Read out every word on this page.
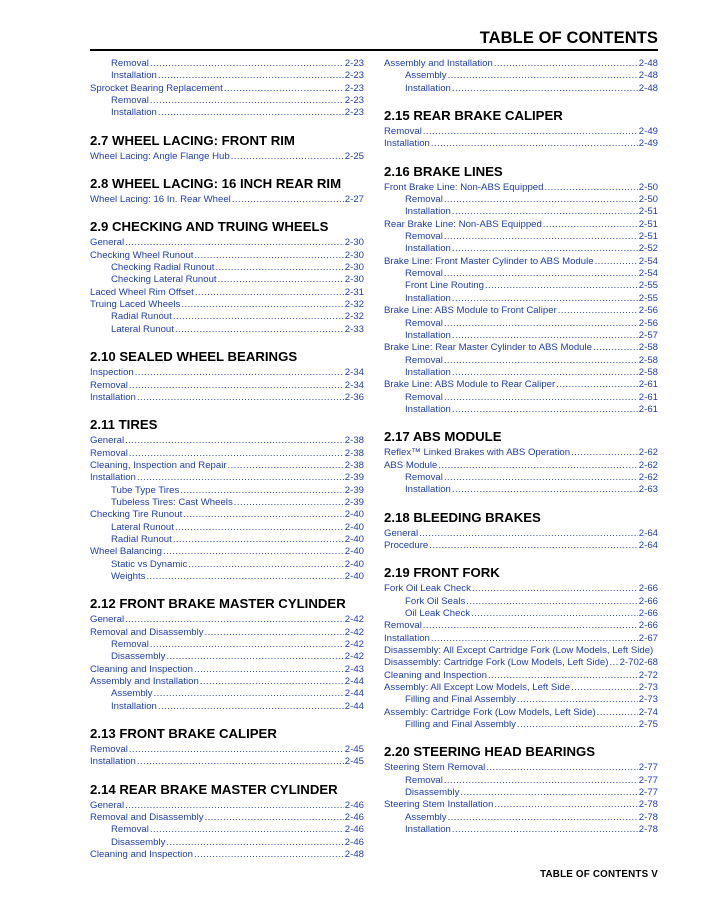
TABLE OF CONTENTS
Removal .....	2-23
Installation .....	2-23
Sprocket Bearing Replacement .....	2-23
Removal .....	2-23
Installation .....	2-23
2.7 WHEEL LACING: FRONT RIM
Wheel Lacing: Angle Flange Hub .....	2-25
2.8 WHEEL LACING: 16 INCH REAR RIM
Wheel Lacing: 16 In. Rear Wheel .....	2-27
2.9 CHECKING AND TRUING WHEELS
General .....	2-30
Checking Wheel Runout .....	2-30
Checking Radial Runout .....	2-30
Checking Lateral Runout .....	2-30
Laced Wheel Rim Offset .....	2-31
Truing Laced Wheels .....	2-32
Radial Runout .....	2-32
Lateral Runout .....	2-33
2.10 SEALED WHEEL BEARINGS
Inspection .....	2-34
Removal .....	2-34
Installation .....	2-36
2.11 TIRES
General .....	2-38
Removal .....	2-38
Cleaning, Inspection and Repair .....	2-38
Installation .....	2-39
Tube Type Tires .....	2-39
Tubeless Tires: Cast Wheels .....	2-39
Checking Tire Runout .....	2-40
Lateral Runout .....	2-40
Radial Runout .....	2-40
Wheel Balancing .....	2-40
Static vs Dynamic .....	2-40
Weights .....	2-40
2.12 FRONT BRAKE MASTER CYLINDER
General .....	2-42
Removal and Disassembly .....	2-42
Removal .....	2-42
Disassembly .....	2-42
Cleaning and Inspection .....	2-43
Assembly and Installation .....	2-44
Assembly .....	2-44
Installation .....	2-44
2.13 FRONT BRAKE CALIPER
Removal .....	2-45
Installation .....	2-45
2.14 REAR BRAKE MASTER CYLINDER
General .....	2-46
Removal and Disassembly .....	2-46
Removal .....	2-46
Disassembly .....	2-46
Cleaning and Inspection .....	2-48
Assembly and Installation .....	2-48
Assembly .....	2-48
Installation .....	2-48
2.15 REAR BRAKE CALIPER
Removal .....	2-49
Installation .....	2-49
2.16 BRAKE LINES
Front Brake Line: Non-ABS Equipped .....	2-50
Removal .....	2-50
Installation .....	2-51
Rear Brake Line: Non-ABS Equipped .....	2-51
Removal .....	2-51
Installation .....	2-52
Brake Line: Front Master Cylinder to ABS Module .....	2-54
Removal .....	2-54
Front Line Routing .....	2-55
Installation .....	2-55
Brake Line: ABS Module to Front Caliper .....	2-56
Removal .....	2-56
Installation .....	2-57
Brake Line: Rear Master Cylinder to ABS Module .....	2-58
Removal .....	2-58
Installation .....	2-58
Brake Line: ABS Module to Rear Caliper .....	2-61
Removal .....	2-61
Installation .....	2-61
2.17 ABS MODULE
Reflex™ Linked Brakes with ABS Operation .....	2-62
ABS Module .....	2-62
Removal .....	2-62
Installation .....	2-63
2.18 BLEEDING BRAKES
General .....	2-64
Procedure .....	2-64
2.19 FRONT FORK
Fork Oil Leak Check .....	2-66
Fork Oil Seals .....	2-66
Oil Leak Check .....	2-66
Removal .....	2-66
Installation .....	2-67
Disassembly: All Except Cartridge Fork (Low Models, Left Side)
2-68
Disassembly: Cartridge Fork (Low Models, Left Side) ..... 2-70
Cleaning and Inspection .....	2-72
Assembly: All Except Low Models, Left Side .....	2-73
Filling and Final Assembly .....	2-73
Assembly: Cartridge Fork (Low Models, Left Side) .....	2-74
Filling and Final Assembly .....	2-75
2.20 STEERING HEAD BEARINGS
Steering Stem Removal .....	2-77
Removal .....	2-77
Disassembly .....	2-77
Steering Stem Installation .....	2-78
Assembly .....	2-78
Installation .....	2-78
TABLE OF CONTENTS V
